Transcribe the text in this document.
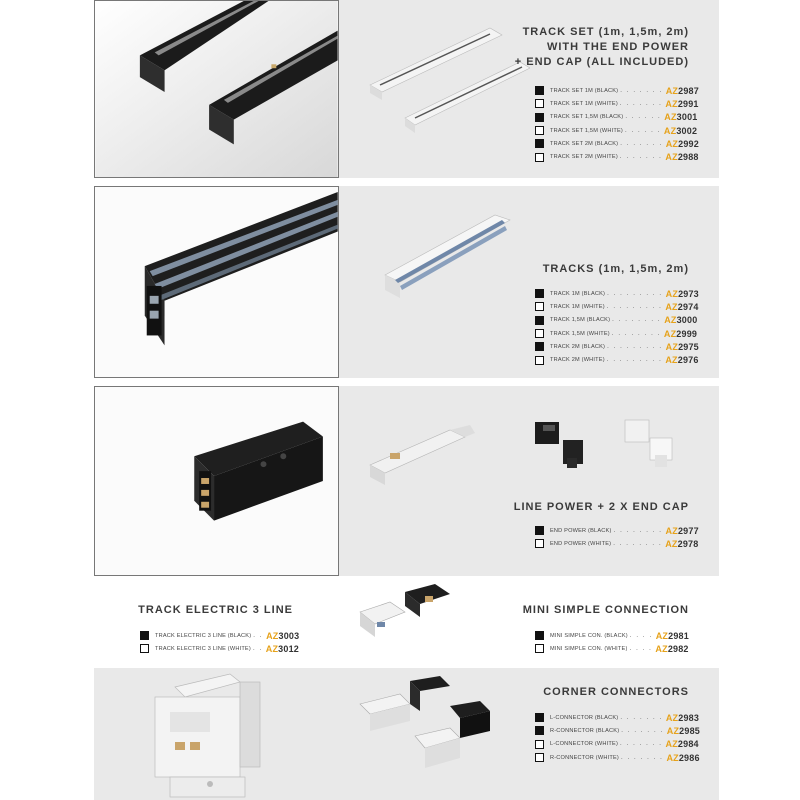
TRACK SET (1m, 1,5m, 2m)
WITH THE END POWER
+ END CAP (ALL INCLUDED)
TRACK SET 1M (BLACK) . . . . . . . AZ2987
TRACK SET 1M (WHITE) . . . . . . . AZ2991
TRACK SET 1,5M (BLACK) . . . . . . AZ3001
TRACK SET 1,5M (WHITE) . . . . . . AZ3002
TRACK SET 2M (BLACK) . . . . . . . AZ2992
TRACK SET 2M (WHITE) . . . . . . . AZ2988
TRACKS (1m, 1,5m, 2m)
TRACK 1M (BLACK) . . . . . . . . . AZ2973
TRACK 1M (WHITE) . . . . . . . . . AZ2974
TRACK 1,5M (BLACK) . . . . . . . . AZ3000
TRACK 1,5M (WHITE) . . . . . . . . AZ2999
TRACK 2M (BLACK) . . . . . . . . . AZ2975
TRACK 2M (WHITE) . . . . . . . . . AZ2976
LINE POWER + 2 X END CAP
END POWER (BLACK) . . . . . . . . AZ2977
END POWER (WHITE) . . . . . . . . AZ2978
TRACK ELECTRIC 3 LINE
TRACK ELECTRIC 3 LINE (BLACK) . . AZ3003
TRACK ELECTRIC 3 LINE (WHITE) . . AZ3012
MINI SIMPLE CONNECTION
MINI SIMPLE CON. (BLACK) . . . . AZ2981
MINI SIMPLE CON. (WHITE) . . . . AZ2982
CORNER CONNECTORS
L-CONNECTOR (BLACK) . . . . . . . AZ2983
R-CONNECTOR (BLACK) . . . . . . . AZ2985
L-CONNECTOR (WHITE) . . . . . . . AZ2984
R-CONNECTOR (WHITE) . . . . . . . AZ2986
